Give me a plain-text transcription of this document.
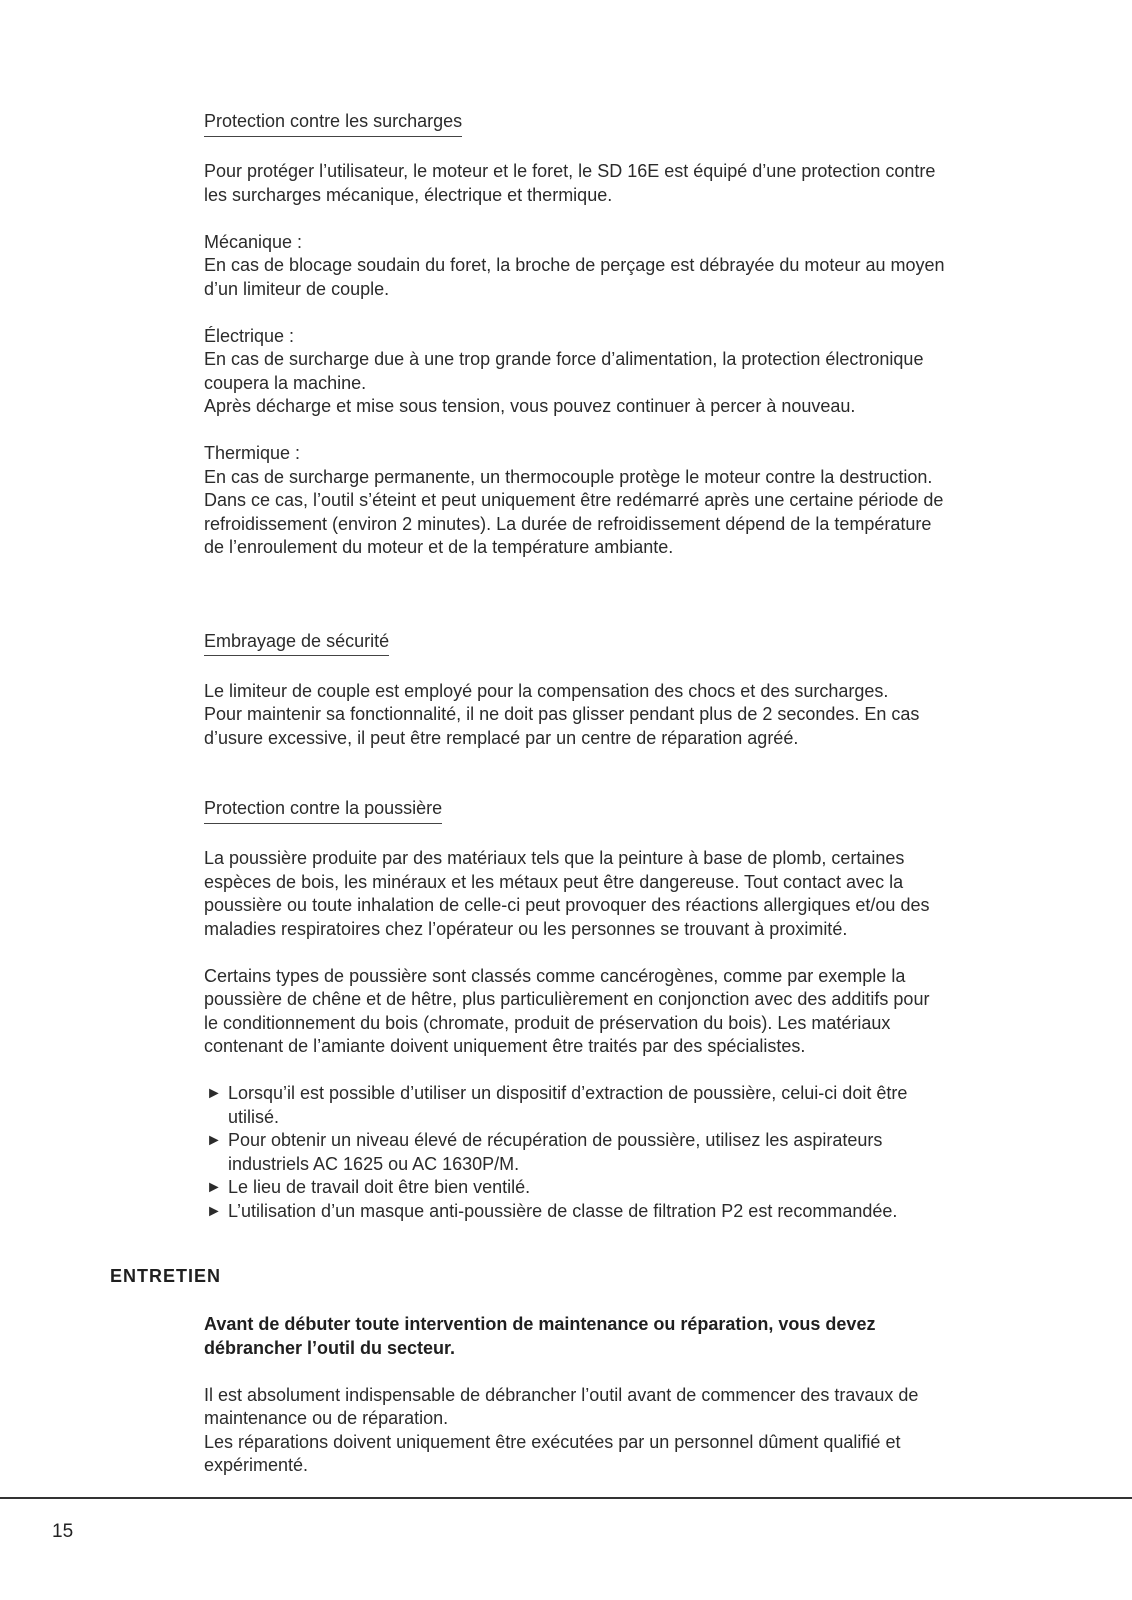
Protection contre les surcharges

Pour protéger l’utilisateur, le moteur et le foret, le SD 16E est équipé d’une protection contre
les surcharges mécanique, électrique et thermique.

Mécanique :

En cas de blocage soudain du foret, la broche de perçage est débrayée du moteur au moyen
d’un limiteur de couple.

Électrique :

En cas de surcharge due à une trop grande force d’alimentation, la protection électronique
coupera la machine.
Après décharge et mise sous tension, vous pouvez continuer à percer à nouveau.

Thermique :

En cas de surcharge permanente, un thermocouple protège le moteur contre la destruction.
Dans ce cas, l’outil s’éteint et peut uniquement être redémarré après une certaine période de
refroidissement (environ 2 minutes). La durée de refroidissement dépend de la température
de l’enroulement du moteur et de la température ambiante.

Embrayage de sécurité

Le limiteur de couple est employé pour la compensation des chocs et des surcharges.
Pour maintenir sa fonctionnalité, il ne doit pas glisser pendant plus de 2 secondes. En cas
d’usure excessive, il peut être remplacé par un centre de réparation agréé.

Protection contre la poussière

La poussière produite par des matériaux tels que la peinture à base de plomb, certaines
espèces de bois, les minéraux et les métaux peut être dangereuse. Tout contact avec la
poussière ou toute inhalation de celle-ci peut provoquer des réactions allergiques et/ou des
maladies respiratoires chez l’opérateur ou les personnes se trouvant à proximité.

Certains types de poussière sont classés comme cancérogènes, comme par exemple la
poussière de chêne et de hêtre, plus particulièrement en conjonction avec des additifs pour
le conditionnement du bois (chromate, produit de préservation du bois). Les matériaux
contenant de l’amiante doivent uniquement être traités par des spécialistes.

► Lorsqu’il est possible d’utiliser un dispositif d’extraction de poussière, celui-ci doit être
utilisé.
► Pour obtenir un niveau élevé de récupération de poussière, utilisez les aspirateurs
industriels AC 1625 ou AC 1630P/M.
► Le lieu de travail doit être bien ventilé.
► L’utilisation d’un masque anti-poussière de classe de filtration P2 est recommandée.
ENTRETIEN

Avant de débuter toute intervention de maintenance ou réparation, vous devez
débrancher l’outil du secteur.

Il est absolument indispensable de débrancher l’outil avant de commencer des travaux de
maintenance ou de réparation.
Les réparations doivent uniquement être exécutées par un personnel dûment qualifié et
expérimenté.

15
